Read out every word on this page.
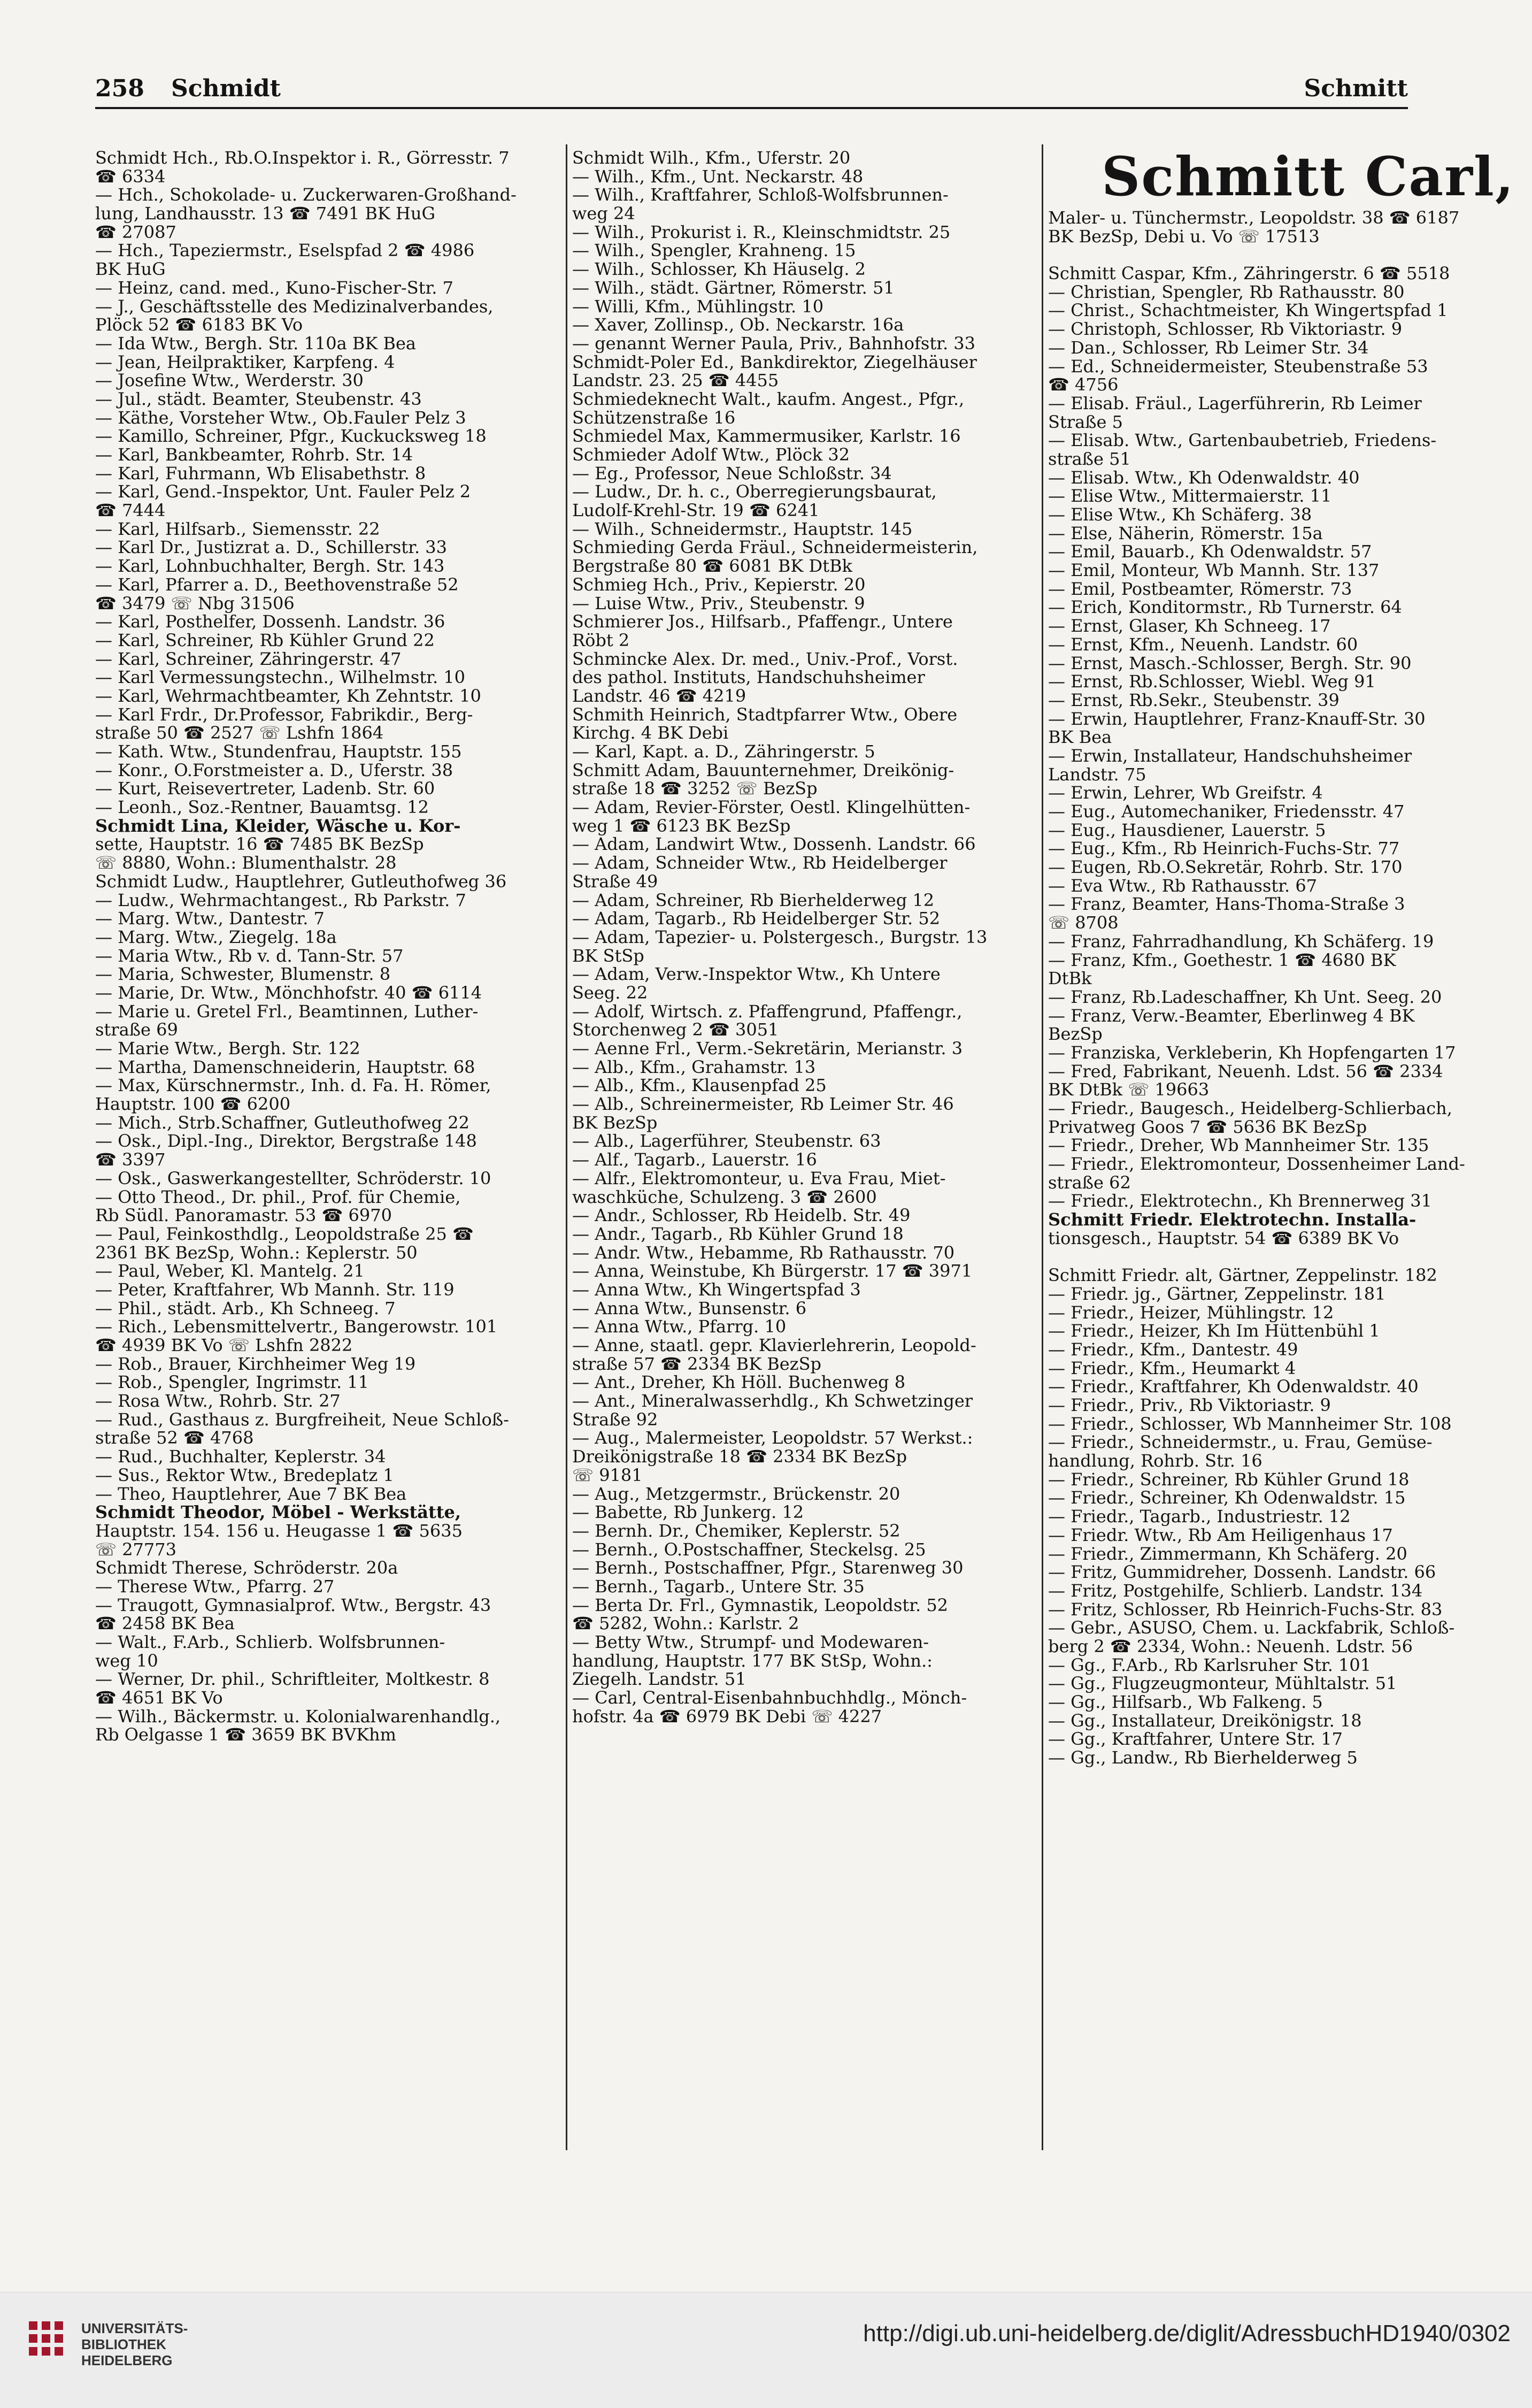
258 Schmidt	Schmitt
Schmidt Hch., Rb.O.Inspektor i. R., Görresstr. 7
☎ 6334
— Hch., Schokolade- u. Zuckerwaren-Großhand-
lung, Landhausstr. 13 ☎ 7491 BK HuG
☎ 27087
— Hch., Tapeziermstr., Eselspfad 2 ☎ 4986
BK HuG
— Heinz, cand. med., Kuno-Fischer-Str. 7
— J., Geschäftsstelle des Medizinalverbandes,
Plöck 52 ☎ 6183 BK Vo
— Ida Wtw., Bergh. Str. 110a BK Bea
— Jean, Heilpraktiker, Karpfeng. 4
— Josefine Wtw., Werderstr. 30
— Jul., städt. Beamter, Steubenstr. 43
— Käthe, Vorsteher Wtw., Ob.Fauler Pelz 3
— Kamillo, Schreiner, Pfgr., Kuckucksweg 18
— Karl, Bankbeamter, Rohrb. Str. 14
— Karl, Fuhrmann, Wb Elisabethstr. 8
— Karl, Gend.-Inspektor, Unt. Fauler Pelz 2
☎ 7444
— Karl, Hilfsarb., Siemensstr. 22
— Karl Dr., Justizrat a. D., Schillerstr. 33
— Karl, Lohnbuchhalter, Bergh. Str. 143
— Karl, Pfarrer a. D., Beethovenstraße 52
☎ 3479 ☏ Nbg 31506
— Karl, Posthelfer, Dossenh. Landstr. 36
— Karl, Schreiner, Rb Kühler Grund 22
— Karl, Schreiner, Zähringerstr. 47
— Karl Vermessungstechn., Wilhelmstr. 10
— Karl, Wehrmachtbeamter, Kh Zehntstr. 10
— Karl Frdr., Dr.Professor, Fabrikdir., Berg-
straße 50 ☎ 2527 ☏ Lshfn 1864
— Kath. Wtw., Stundenfrau, Hauptstr. 155
— Konr., O.Forstmeister a. D., Uferstr. 38
— Kurt, Reisevertreter, Ladenb. Str. 60
— Leonh., Soz.-Rentner, Bauamtsg. 12
Schmidt Lina, Kleider, Wäsche u. Kor-
sette, Hauptstr. 16 ☎ 7485 BK BezSp
☏ 8880, Wohn.: Blumenthalstr. 28
Schmidt Ludw., Hauptlehrer, Gutleuthofweg 36
— Ludw., Wehrmachtangest., Rb Parkstr. 7
— Marg. Wtw., Dantestr. 7
— Marg. Wtw., Ziegelg. 18a
— Maria Wtw., Rb v. d. Tann-Str. 57
— Maria, Schwester, Blumenstr. 8
— Marie, Dr. Wtw., Mönchhofstr. 40 ☎ 6114
— Marie u. Gretel Frl., Beamtinnen, Luther-
straße 69
— Marie Wtw., Bergh. Str. 122
— Martha, Damenschneiderin, Hauptstr. 68
— Max, Kürschnermstr., Inh. d. Fa. H. Römer,
Hauptstr. 100 ☎ 6200
— Mich., Strb.Schaffner, Gutleuthofweg 22
— Osk., Dipl.-Ing., Direktor, Bergstraße 148
☎ 3397
— Osk., Gaswerkangestellter, Schröderstr. 10
— Otto Theod., Dr. phil., Prof. für Chemie,
Rb Südl. Panoramastr. 53 ☎ 6970
— Paul, Feinkosthdlg., Leopoldstraße 25 ☎
2361 BK BezSp, Wohn.: Keplerstr. 50
— Paul, Weber, Kl. Mantelg. 21
— Peter, Kraftfahrer, Wb Mannh. Str. 119
— Phil., städt. Arb., Kh Schneeg. 7
— Rich., Lebensmittelvertr., Bangerowstr. 101
☎ 4939 BK Vo ☏ Lshfn 2822
— Rob., Brauer, Kirchheimer Weg 19
— Rob., Spengler, Ingrimstr. 11
— Rosa Wtw., Rohrb. Str. 27
— Rud., Gasthaus z. Burgfreiheit, Neue Schloß-
straße 52 ☎ 4768
— Rud., Buchhalter, Keplerstr. 34
— Sus., Rektor Wtw., Bredeplatz 1
— Theo, Hauptlehrer, Aue 7 BK Bea
Schmidt Theodor, Möbel - Werkstätte,
Hauptstr. 154. 156 u. Heugasse 1 ☎ 5635
☏ 27773
Schmidt Therese, Schröderstr. 20a
— Therese Wtw., Pfarrg. 27
— Traugott, Gymnasialprof. Wtw., Bergstr. 43
☎ 2458 BK Bea
— Walt., F.Arb., Schlierb. Wolfsbrunnen-
weg 10
— Werner, Dr. phil., Schriftleiter, Moltkestr. 8
☎ 4651 BK Vo
— Wilh., Bäckermstr. u. Kolonialwarenhandlg.,
Rb Oelgasse 1 ☎ 3659 BK BVKhm
Schmidt Wilh., Kfm., Uferstr. 20
— Wilh., Kfm., Unt. Neckarstr. 48
— Wilh., Kraftfahrer, Schloß-Wolfsbrunnen-
weg 24
— Wilh., Prokurist i. R., Kleinschmidtstr. 25
— Wilh., Spengler, Krahneng. 15
— Wilh., Schlosser, Kh Häuselg. 2
— Wilh., städt. Gärtner, Römerstr. 51
— Willi, Kfm., Mühlingstr. 10
— Xaver, Zollinsp., Ob. Neckarstr. 16a
— genannt Werner Paula, Priv., Bahnhofstr. 33
Schmidt-Poler Ed., Bankdirektor, Ziegelhäuser
Landstr. 23. 25 ☎ 4455
Schmiedeknecht Walt., kaufm. Angest., Pfgr.,
Schützenstraße 16
Schmiedel Max, Kammermusiker, Karlstr. 16
Schmieder Adolf Wtw., Plöck 32
— Eg., Professor, Neue Schloßstr. 34
— Ludw., Dr. h. c., Oberregierungsbaurat,
Ludolf-Krehl-Str. 19 ☎ 6241
— Wilh., Schneidermstr., Hauptstr. 145
Schmieding Gerda Fräul., Schneidermeisterin,
Bergstraße 80 ☎ 6081 BK DtBk
Schmieg Hch., Priv., Kepierstr. 20
— Luise Wtw., Priv., Steubenstr. 9
Schmierer Jos., Hilfsarb., Pfaffengr., Untere
Röbt 2
Schmincke Alex. Dr. med., Univ.-Prof., Vorst.
des pathol. Instituts, Handschuhsheimer
Landstr. 46 ☎ 4219
Schmith Heinrich, Stadtpfarrer Wtw., Obere
Kirchg. 4 BK Debi
— Karl, Kapt. a. D., Zähringerstr. 5
Schmitt Adam, Bauunternehmer, Dreikönig-
straße 18 ☎ 3252 ☏ BezSp
— Adam, Revier-Förster, Oestl. Klingelhütten-
weg 1 ☎ 6123 BK BezSp
— Adam, Landwirt Wtw., Dossenh. Landstr. 66
— Adam, Schneider Wtw., Rb Heidelberger
Straße 49
— Adam, Schreiner, Rb Bierhelderweg 12
— Adam, Tagarb., Rb Heidelberger Str. 52
— Adam, Tapezier- u. Polstergesch., Burgstr. 13
BK StSp
— Adam, Verw.-Inspektor Wtw., Kh Untere
Seeg. 22
— Adolf, Wirtsch. z. Pfaffengrund, Pfaffengr.,
Storchenweg 2 ☎ 3051
— Aenne Frl., Verm.-Sekretärin, Merianstr. 3
— Alb., Kfm., Grahamstr. 13
— Alb., Kfm., Klausenpfad 25
— Alb., Schreinermeister, Rb Leimer Str. 46
BK BezSp
— Alb., Lagerführer, Steubenstr. 63
— Alf., Tagarb., Lauerstr. 16
— Alfr., Elektromonteur, u. Eva Frau, Miet-
waschküche, Schulzeng. 3 ☎ 2600
— Andr., Schlosser, Rb Heidelb. Str. 49
— Andr., Tagarb., Rb Kühler Grund 18
— Andr. Wtw., Hebamme, Rb Rathausstr. 70
— Anna, Weinstube, Kh Bürgerstr. 17 ☎ 3971
— Anna Wtw., Kh Wingertspfad 3
— Anna Wtw., Bunsenstr. 6
— Anna Wtw., Pfarrg. 10
— Anne, staatl. gepr. Klavierlehrerin, Leopold-
straße 57 ☎ 2334 BK BezSp
— Ant., Dreher, Kh Höll. Buchenweg 8
— Ant., Mineralwasserhdlg., Kh Schwetzinger
Straße 92
— Aug., Malermeister, Leopoldstr. 57 Werkst.:
Dreikönigstraße 18 ☎ 2334 BK BezSp
☏ 9181
— Aug., Metzgermstr., Brückenstr. 20
— Babette, Rb Junkerg. 12
— Bernh. Dr., Chemiker, Keplerstr. 52
— Bernh., O.Postschaffner, Steckelsg. 25
— Bernh., Postschaffner, Pfgr., Starenweg 30
— Bernh., Tagarb., Untere Str. 35
— Berta Dr. Frl., Gymnastik, Leopoldstr. 52
☎ 5282, Wohn.: Karlstr. 2
— Betty Wtw., Strumpf- und Modewaren-
handlung, Hauptstr. 177 BK StSp, Wohn.:
Ziegelh. Landstr. 51
— Carl, Central-Eisenbahnbuchhdlg., Mönch-
hofstr. 4a ☎ 6979 BK Debi ☏ 4227
Schmitt Carl,
Maler- u. Tünchermstr., Leopoldstr. 38 ☎ 6187
BK BezSp, Debi u. Vo ☏ 17513
Schmitt Caspar, Kfm., Zähringerstr. 6 ☎ 5518
— Christian, Spengler, Rb Rathausstr. 80
— Christ., Schachtmeister, Kh Wingertspfad 1
— Christoph, Schlosser, Rb Viktoriastr. 9
— Dan., Schlosser, Rb Leimer Str. 34
— Ed., Schneidermeister, Steubenstraße 53
☎ 4756
— Elisab. Fräul., Lagerführerin, Rb Leimer
Straße 5
— Elisab. Wtw., Gartenbaubetrieb, Friedens-
straße 51
— Elisab. Wtw., Kh Odenwaldstr. 40
— Elise Wtw., Mittermaierstr. 11
— Elise Wtw., Kh Schäferg. 38
— Else, Näherin, Römerstr. 15a
— Emil, Bauarb., Kh Odenwaldstr. 57
— Emil, Monteur, Wb Mannh. Str. 137
— Emil, Postbeamter, Römerstr. 73
— Erich, Konditormstr., Rb Turnerstr. 64
— Ernst, Glaser, Kh Schneeg. 17
— Ernst, Kfm., Neuenh. Landstr. 60
— Ernst, Masch.-Schlosser, Bergh. Str. 90
— Ernst, Rb.Schlosser, Wiebl. Weg 91
— Ernst, Rb.Sekr., Steubenstr. 39
— Erwin, Hauptlehrer, Franz-Knauff-Str. 30
BK Bea
— Erwin, Installateur, Handschuhsheimer
Landstr. 75
— Erwin, Lehrer, Wb Greifstr. 4
— Eug., Automechaniker, Friedensstr. 47
— Eug., Hausdiener, Lauerstr. 5
— Eug., Kfm., Rb Heinrich-Fuchs-Str. 77
— Eugen, Rb.O.Sekretär, Rohrb. Str. 170
— Eva Wtw., Rb Rathausstr. 67
— Franz, Beamter, Hans-Thoma-Straße 3
☏ 8708
— Franz, Fahrradhandlung, Kh Schäferg. 19
— Franz, Kfm., Goethestr. 1 ☎ 4680 BK
DtBk
— Franz, Rb.Ladeschaffner, Kh Unt. Seeg. 20
— Franz, Verw.-Beamter, Eberlinweg 4 BK
BezSp
— Franziska, Verkleberin, Kh Hopfengarten 17
— Fred, Fabrikant, Neuenh. Ldst. 56 ☎ 2334
BK DtBk ☏ 19663
— Friedr., Baugesch., Heidelberg-Schlierbach,
Privatweg Goos 7 ☎ 5636 BK BezSp
— Friedr., Dreher, Wb Mannheimer Str. 135
— Friedr., Elektromonteur, Dossenheimer Land-
straße 62
— Friedr., Elektrotechn., Kh Brennerweg 31
Schmitt Friedr. Elektrotechn. Installa-
tionsgesch., Hauptstr. 54 ☎ 6389 BK Vo
Schmitt Friedr. alt, Gärtner, Zeppelinstr. 182
— Friedr. jg., Gärtner, Zeppelinstr. 181
— Friedr., Heizer, Mühlingstr. 12
— Friedr., Heizer, Kh Im Hüttenbühl 1
— Friedr., Kfm., Dantestr. 49
— Friedr., Kfm., Heumarkt 4
— Friedr., Kraftfahrer, Kh Odenwaldstr. 40
— Friedr., Priv., Rb Viktoriastr. 9
— Friedr., Schlosser, Wb Mannheimer Str. 108
— Friedr., Schneidermstr., u. Frau, Gemüse-
handlung, Rohrb. Str. 16
— Friedr., Schreiner, Rb Kühler Grund 18
— Friedr., Schreiner, Kh Odenwaldstr. 15
— Friedr., Tagarb., Industriestr. 12
— Friedr. Wtw., Rb Am Heiligenhaus 17
— Friedr., Zimmermann, Kh Schäferg. 20
— Fritz, Gummidreher, Dossenh. Landstr. 66
— Fritz, Postgehilfe, Schlierb. Landstr. 134
— Fritz, Schlosser, Rb Heinrich-Fuchs-Str. 83
— Gebr., ASUSO, Chem. u. Lackfabrik, Schloß-
berg 2 ☎ 2334, Wohn.: Neuenh. Ldstr. 56
— Gg., F.Arb., Rb Karlsruher Str. 101
— Gg., Flugzeugmonteur, Mühltalstr. 51
— Gg., Hilfsarb., Wb Falkeng. 5
— Gg., Installateur, Dreikönigstr. 18
— Gg., Kraftfahrer, Untere Str. 17
— Gg., Landw., Rb Bierhelderweg 5
UNIVERSITÄTS-
BIBLIOTHEK
HEIDELBERG
http://digi.ub.uni-heidelberg.de/diglit/AdressbuchHD1940/0302
